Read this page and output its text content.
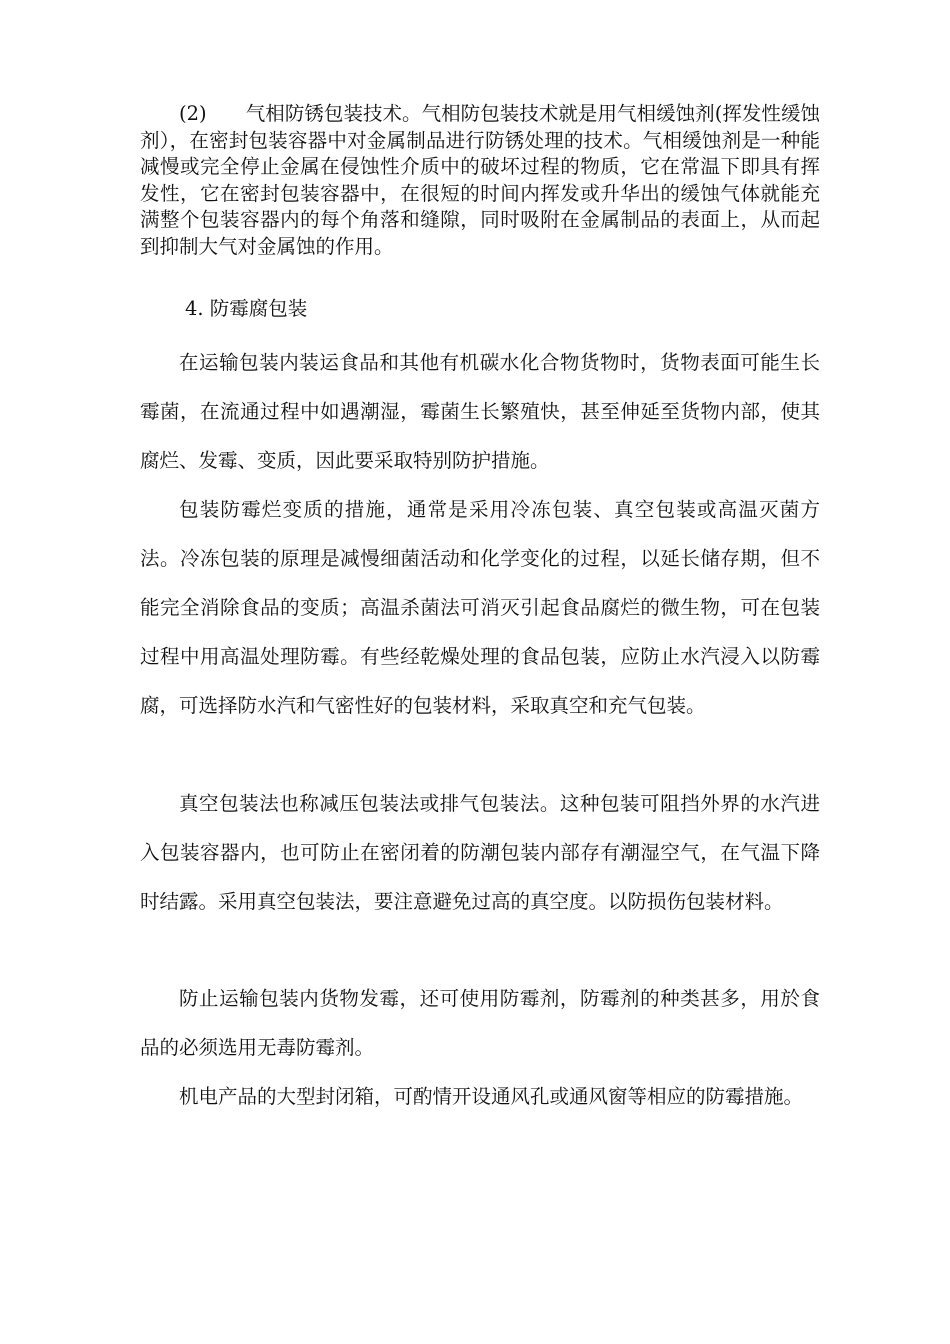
(2)　　气相防锈包装技术。气相防包装技术就是用气相缓蚀剂(挥发性缓蚀剂），在密封包装容器中对金属制品进行防锈处理的技术。气相缓蚀剂是一种能减慢或完全停止金属在侵蚀性介质中的破坏过程的物质，它在常温下即具有挥发性，它在密封包装容器中，在很短的时间内挥发或升华出的缓蚀气体就能充满整个包装容器内的每个角落和缝隙，同时吸附在金属制品的表面上，从而起到抑制大气对金属蚀的作用。

4. 防霉腐包装

在运输包装内装运食品和其他有机碳水化合物货物时，货物表面可能生长霉菌，在流通过程中如遇潮湿，霉菌生长繁殖快，甚至伸延至货物内部，使其腐烂、发霉、变质，因此要采取特别防护措施。

包装防霉烂变质的措施，通常是采用冷冻包装、真空包装或高温灭菌方法。冷冻包装的原理是减慢细菌活动和化学变化的过程，以延长储存期，但不能完全消除食品的变质；高温杀菌法可消灭引起食品腐烂的微生物，可在包装过程中用高温处理防霉。有些经乾燥处理的食品包装，应防止水汽浸入以防霉腐，可选择防水汽和气密性好的包装材料，采取真空和充气包装。

真空包装法也称减压包装法或排气包装法。这种包装可阻挡外界的水汽进入包装容器内，也可防止在密闭着的防潮包装内部存有潮湿空气，在气温下降时结露。采用真空包装法，要注意避免过高的真空度。以防损伤包装材料。

防止运输包装内货物发霉，还可使用防霉剂，防霉剂的种类甚多，用於食品的必须选用无毒防霉剂。

机电产品的大型封闭箱，可酌情开设通风孔或通风窗等相应的防霉措施。
